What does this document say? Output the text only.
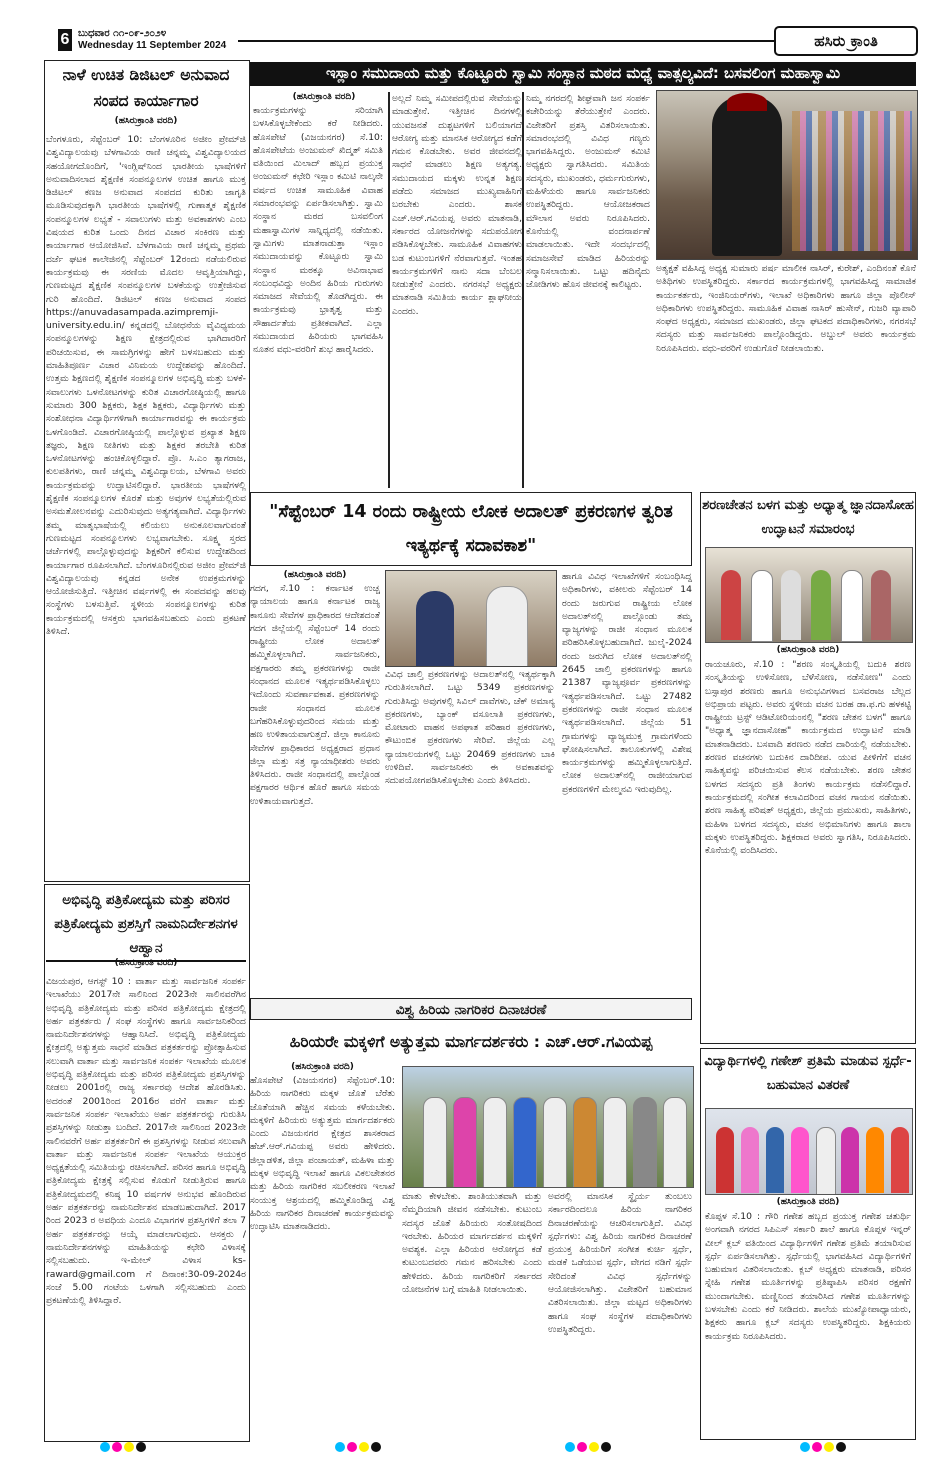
6 ಬುಧವಾರ ೧೧-೦೯-೨೦೨೪
Wednesday 11 September 2024	ಹಸಿರು ಕ್ರಾಂತಿ
ನಾಳೆ ಉಚಿತ ಡಿಜಿಟಲ್ ಅನುವಾದ ಸಂಪದ ಕಾರ್ಯಾಗಾರ
(ಹಸಿರುಕ್ರಾಂತಿ ವರದಿ)
ಬೆಂಗಳೂರು, ಸೆಪ್ಟೆಂಬರ್ 10: ಬೆಂಗಳೂರಿನ ಅಜೀಂ ಪ್ರೇಮ್‌ಜಿ ವಿಶ್ವವಿದ್ಯಾಲಯವು ಬೆಳಗಾವಿಯ ರಾಣಿ ಚನ್ನಮ್ಮ ವಿಶ್ವವಿದ್ಯಾಲಯದ ಸಹಯೋಗದೊಂದಿಗೆ, 'ಇಂಗ್ಲಿಷ್‌ನಿಂದ ಭಾರತೀಯ ಭಾಷೆಗಳಿಗೆ ಅನುವಾದಿಸಲಾದ ಶೈಕ್ಷಣಿಕ ಸಂಪನ್ಮೂಲಗಳ ಉಚಿತ ಹಾಗೂ ಮುಕ್ತ ಡಿಜಿಟಲ್ ಕಣಜ ಅನುವಾದ ಸಂಪದದ ಕುರಿತು ಜಾಗೃತಿ ಮೂಡಿಸುವುದಕ್ಕಾಗಿ ಭಾರತೀಯ ಭಾಷೆಗಳಲ್ಲಿ ಗುಣಾತ್ಮಕ ಶೈಕ್ಷಣಿಕ ಸಂಪನ್ಮೂಲಗಳ ಲಭ್ಯತೆ - ಸವಾಲುಗಳು ಮತ್ತು ಅವಕಾಶಗಳು ಎಂಬ ವಿಷಯದ ಕುರಿತ ಒಂದು ದಿನದ ವಿಚಾರ ಸಂಕಿರಣ ಮತ್ತು ಕಾರ್ಯಾಗಾರ ಆಯೋಜಿಸಿವೆ. ಬೆಳಗಾವಿಯ ರಾಣಿ ಚನ್ನಮ್ಮ ಪ್ರಥಮ ದರ್ಜೆ ಘಟಕ ಕಾಲೇಜಿನಲ್ಲಿ ಸೆಪ್ಟೆಂಬರ್ 12ರಂದು ನಡೆಯಲಿರುವ ಕಾರ್ಯಕ್ರಮವು ಈ ಸರಣಿಯ ಮೊದಲ ಆವೃತ್ತಿಯಾಗಿದ್ದು, ಗುಣಮಟ್ಟದ ಶೈಕ್ಷಣಿಕ ಸಂಪನ್ಮೂಲಗಳ ಬಳಕೆಯನ್ನು ಉತ್ತೇಜಿಸುವ ಗುರಿ ಹೊಂದಿದೆ. ಡಿಜಿಟಲ್ ಕಣಜ ಅನುವಾದ ಸಂಪದ https://anuvadasampada.azimpremji-university.edu.in/ ಕನ್ನಡದಲ್ಲಿ ಬೋಧನೆಯ ವೈವಿಧ್ಯಮಯ ಸಂಪನ್ಮೂಲಗಳನ್ನು ಶಿಕ್ಷಣ ಕ್ಷೇತ್ರದಲ್ಲಿರುವ ಭಾಗಿದಾರರಿಗೆ ಪರಿಚಯಿಸುವ, ಈ ಸಾಮಗ್ರಿಗಳನ್ನು ಹೇಗೆ ಬಳಸಬಹುದು ಮತ್ತು ಮಾಹಿತಿಪೂರ್ಣ ವಿಚಾರ ವಿನಿಮಯ ಉದ್ದೇಶವನ್ನು ಹೊಂದಿದೆ. ಉತ್ತಮ ಶಿಕ್ಷಣದಲ್ಲಿ ಶೈಕ್ಷಣಿಕ ಸಂಪನ್ಮೂಲಗಳ ಅಭಿವೃದ್ಧಿ ಮತ್ತು ಬಳಕೆ-ಸವಾಲುಗಳು ಒಳನೋಟಗಳನ್ನು ಕುರಿತ ವಿಚಾರಗೋಷ್ಠಿಯಲ್ಲಿ ಹಾಗೂ ಸುಮಾರು 300 ಶಿಕ್ಷಕರು, ಶಿಕ್ಷಕ ಶಿಕ್ಷಕರು, ವಿದ್ಯಾರ್ಥಿಗಳು ಮತ್ತು ಸಂಶೋಧನಾ ವಿದ್ಯಾರ್ಥಿಗಳಿಗಾಗಿ ಕಾರ್ಯಾಗಾರವನ್ನು ಈ ಕಾರ್ಯಕ್ರಮ ಒಳಗೊಂಡಿದೆ. ವಿಚಾರಗೋಷ್ಠಿಯಲ್ಲಿ ಪಾಲ್ಗೊಳ್ಳುವ ಪ್ರಖ್ಯಾತ ಶಿಕ್ಷಣ ತಜ್ಞರು, ಶಿಕ್ಷಣ ನೀತಿಗಳು ಮತ್ತು ಶಿಕ್ಷಕರ ತರಬೇತಿ ಕುರಿತ ಒಳನೋಟಗಳನ್ನು ಹಂಚಿಕೊಳ್ಳಲಿದ್ದಾರೆ. ಪ್ರೊ. ಸಿ.ಎಂ ತ್ಯಾಗರಾಜ, ಕುಲಪತಿಗಳು, ರಾಣಿ ಚನ್ನಮ್ಮ ವಿಶ್ವವಿದ್ಯಾಲಯ, ಬೆಳಗಾವಿ ಅವರು ಕಾರ್ಯಕ್ರಮವನ್ನು ಉದ್ಘಾಟಿಸಲಿದ್ದಾರೆ. ಭಾರತೀಯ ಭಾಷೆಗಳಲ್ಲಿ ಶೈಕ್ಷಣಿಕ ಸಂಪನ್ಮೂಲಗಳ ಕೊರತೆ ಮತ್ತು ಅವುಗಳ ಲಭ್ಯತೆಯಲ್ಲಿರುವ ಅಸಮತೋಲನವನ್ನು ಎದುರಿಸುವುದು ಅತ್ಯಗತ್ಯವಾಗಿದೆ. ವಿದ್ಯಾರ್ಥಿಗಳು ತಮ್ಮ ಮಾತೃಭಾಷೆಯಲ್ಲಿ ಕಲಿಯಲು ಅನುಕೂಲವಾಗುವಂತೆ ಗುಣಮಟ್ಟದ ಸಂಪನ್ಮೂಲಗಳು ಲಭ್ಯವಾಗಬೇಕು. ಸೂಕ್ಷ್ಮ ಸ್ತರದ ಚರ್ಚೆಗಳಲ್ಲಿ ಪಾಲ್ಗೊಳ್ಳುವುದನ್ನು ಶಿಕ್ಷಕರಿಗೆ ಕಲಿಸುವ ಉದ್ದೇಶದಿಂದ ಕಾರ್ಯಾಗಾರ ರೂಪಿಸಲಾಗಿದೆ. ಬೆಂಗಳೂರಿನಲ್ಲಿರುವ ಅಜೀಂ ಪ್ರೇಮ್‌ಜಿ ವಿಶ್ವವಿದ್ಯಾಲಯವು ಕನ್ನಡದ ಅನೇಕ ಉಪಕ್ರಮಗಳನ್ನು ಆಯೋಜಿಸುತ್ತಿದೆ. ಇತ್ತೀಚಿನ ವರ್ಷಗಳಲ್ಲಿ ಈ ಸಂಪದವನ್ನು ಹಲವು ಸಂಸ್ಥೆಗಳು ಬಳಸುತ್ತಿವೆ. ಸ್ಥಳೀಯ ಸಂಪನ್ಮೂಲಗಳನ್ನು ಕುರಿತ ಕಾರ್ಯಕ್ರಮದಲ್ಲಿ ಆಸಕ್ತರು ಭಾಗವಹಿಸಬಹುದು ಎಂದು ಪ್ರಕಟಣೆ ತಿಳಿಸಿದೆ.
ಅಭಿವೃದ್ಧಿ ಪತ್ರಿಕೋದ್ಯಮ ಮತ್ತು ಪರಿಸರ ಪತ್ರಿಕೋದ್ಯಮ ಪ್ರಶಸ್ತಿಗೆ ನಾಮನಿರ್ದೇಶನಗಳ ಆಹ್ವಾನ
(ಹಸಿರುಕ್ರಾಂತಿ ವರದಿ)
ವಿಜಯಪುರ, ಆಗಸ್ಟ್ 10 : ವಾರ್ತಾ ಮತ್ತು ಸಾರ್ವಜನಿಕ ಸಂಪರ್ಕ ಇಲಾಖೆಯು 2017ನೇ ಸಾಲಿನಿಂದ 2023ನೇ ಸಾಲಿನವರೆಗಿನ ಅಭಿವೃದ್ಧಿ ಪತ್ರಿಕೋದ್ಯಮ ಮತ್ತು ಪರಿಸರ ಪತ್ರಿಕೋದ್ಯಮ ಕ್ಷೇತ್ರದಲ್ಲಿ ಅರ್ಹ ಪತ್ರಕರ್ತರು / ಸಂಘ ಸಂಸ್ಥೆಗಳು ಹಾಗೂ ಸಾರ್ವಜನಿಕರಿಂದ ನಾಮನಿರ್ದೇಶನಗಳನ್ನು ಆಹ್ವಾನಿಸಿದೆ. ಅಭಿವೃದ್ಧಿ ಪತ್ರಿಕೋದ್ಯಮ ಕ್ಷೇತ್ರದಲ್ಲಿ ಅತ್ಯುತ್ತಮ ಸಾಧನೆ ಮಾಡಿದ ಪತ್ರಕರ್ತರನ್ನು ಪ್ರೋತ್ಸಾಹಿಸುವ ಸಲುವಾಗಿ ವಾರ್ತಾ ಮತ್ತು ಸಾರ್ವಜನಿಕ ಸಂಪರ್ಕ ಇಲಾಖೆಯ ಮೂಲಕ ಅಭಿವೃದ್ಧಿ ಪತ್ರಿಕೋದ್ಯಮ ಮತ್ತು ಪರಿಸರ ಪತ್ರಿಕೋದ್ಯಮ ಪ್ರಶಸ್ತಿಗಳನ್ನು ನೀಡಲು 2001ರಲ್ಲಿ ರಾಜ್ಯ ಸರ್ಕಾರವು ಆದೇಶ ಹೊರಡಿಸಿತು. ಅದರಂತೆ 2001ರಿಂದ 2016ರ ವರೆಗೆ ವಾರ್ತಾ ಮತ್ತು ಸಾರ್ವಜನಿಕ ಸಂಪರ್ಕ ಇಲಾಖೆಯು ಅರ್ಹ ಪತ್ರಕರ್ತರನ್ನು ಗುರುತಿಸಿ ಪ್ರಶಸ್ತಿಗಳನ್ನು ನೀಡುತ್ತಾ ಬಂದಿದೆ. 2017ನೇ ಸಾಲಿನಿಂದ 2023ನೇ ಸಾಲಿನವರೆಗೆ ಅರ್ಹ ಪತ್ರಕರ್ತರಿಗೆ ಈ ಪ್ರಶಸ್ತಿಗಳನ್ನು ನೀಡುವ ಸಲುವಾಗಿ ವಾರ್ತಾ ಮತ್ತು ಸಾರ್ವಜನಿಕ ಸಂಪರ್ಕ ಇಲಾಖೆಯ ಆಯುಕ್ತರ ಅಧ್ಯಕ್ಷತೆಯಲ್ಲಿ ಸಮಿತಿಯನ್ನು ರಚಿಸಲಾಗಿದೆ. ಪರಿಸರ ಹಾಗೂ ಅಭಿವೃದ್ಧಿ ಪತ್ರಿಕೋದ್ಯಮ ಕ್ಷೇತ್ರಕ್ಕೆ ಸಲ್ಲಿಸುವ ಕೊಡುಗೆ ನೀಡುತ್ತಿರುವ ಹಾಗೂ ಪತ್ರಿಕೋದ್ಯಮದಲ್ಲಿ ಕನಿಷ್ಠ 10 ವರ್ಷಗಳ ಅನುಭವ ಹೊಂದಿರುವ ಅರ್ಹ ಪತ್ರಕರ್ತರನ್ನು ನಾಮನಿರ್ದೇಶನ ಮಾಡಬಹುದಾಗಿದೆ. 2017 ರಿಂದ 2023 ರ ಅವಧಿಯ ಎಂದೂ ವಿಭಾಗಗಳ ಪ್ರಶಸ್ತಿಗಳಿಗೆ ತಲಾ 7 ಅರ್ಹ ಪತ್ರಕರ್ತರನ್ನು ಆಯ್ಕೆ ಮಾಡಲಾಗುವುದು. ಆಸಕ್ತರು / ನಾಮನಿರ್ದೇಶನಗಳನ್ನು ಮಾಹಿತಿಯನ್ನು ಕಛೇರಿ ವಿಳಾಸಕ್ಕೆ ಸಲ್ಲಿಸಬಹುದು. ಇ-ಮೇಲ್ ವಿಳಾಸ ks-raward@gmail.com ಗೆ ದಿನಾಂಕ:30-09-2024ರ ಸಂಜೆ 5.00 ಗಂಟೆಯ ಒಳಗಾಗಿ ಸಲ್ಲಿಸಬಹುದು ಎಂದು ಪ್ರಕಟಣೆಯಲ್ಲಿ ತಿಳಿಸಿದ್ದಾರೆ.
ಇಸ್ಲಾಂ ಸಮುದಾಯ ಮತ್ತು ಕೊಟ್ಟೂರು ಸ್ವಾಮಿ ಸಂಸ್ಥಾನ ಮಠದ ಮಧ್ಯೆ ವಾತ್ಸಲ್ಯವಿದೆ: ಬಸವಲಿಂಗ ಮಹಾಸ್ವಾಮಿ
(ಹಸಿರುಕ್ರಾಂತಿ ವರದಿ)
ಕಾರ್ಯಕ್ರಮಗಳನ್ನು ಸರಿಯಾಗಿ ಬಳಸಿಕೊಳ್ಳಬೇಕೆಂದು ಕರೆ ನೀಡಿದರು. ಹೊಸಪೇಟೆ (ವಿಜಯನಗರ) ಸೆ.10: ಹೊಸಪೇಟೆಯ ಅಂಜುಮನ್ ಖಿದ್ಮತ್ ಸಮಿತಿ ವತಿಯಿಂದ ಮಿಲಾದ್ ಹಬ್ಬದ ಪ್ರಯುಕ್ತ ಅಂಜುಮನ್ ಕಛೇರಿ ಇಸ್ಲಾಂ ಕಮಿಟಿ ನಾಲ್ಕನೇ ವರ್ಷದ ಉಚಿತ ಸಾಮೂಹಿಕ ವಿವಾಹ ಸಮಾರಂಭವನ್ನು ಏರ್ಪಡಿಸಲಾಗಿತ್ತು. ಸ್ವಾಮಿ ಸಂಸ್ಥಾನ ಮಠದ ಬಸವಲಿಂಗ ಮಹಾಸ್ವಾಮಿಗಳ ಸಾನ್ನಿಧ್ಯದಲ್ಲಿ ನಡೆಯಿತು. ಸ್ವಾಮಿಗಳು ಮಾತನಾಡುತ್ತಾ ಇಸ್ಲಾಂ ಸಮುದಾಯವನ್ನು ಕೊಟ್ಟೂರು ಸ್ವಾಮಿ ಸಂಸ್ಥಾನ ಮಠಕ್ಕೂ ಅವಿನಾಭಾವ ಸಂಬಂಧವಿದ್ದು ಅಂದಿನ ಹಿರಿಯ ಗುರುಗಳು ಸಮಾಜದ ಸೇವೆಯಲ್ಲಿ ತೊಡಗಿದ್ದರು. ಈ ಕಾರ್ಯಕ್ರಮವು ಭ್ರಾತೃತ್ವ ಮತ್ತು ಸೌಹಾರ್ದತೆಯ ಪ್ರತೀಕವಾಗಿದೆ. ಎಲ್ಲಾ ಸಮುದಾಯದ ಹಿರಿಯರು ಭಾಗವಹಿಸಿ ನೂತನ ವಧು-ವರರಿಗೆ ಶುಭ ಹಾರೈಸಿದರು.
ಅಲ್ಲದೆ ನಿಮ್ಮ ಸಮೀಪದಲ್ಲಿರುವ ಸೇವೆಯನ್ನು ಮಾಡುತ್ತೇನೆ. ಇತ್ತೀಚಿನ ದಿನಗಳಲ್ಲಿ ಯುವಜನತೆ ದುಶ್ಚಟಗಳಿಗೆ ಬಲಿಯಾಗದೆ ಆರೋಗ್ಯ ಮತ್ತು ಮಾನಸಿಕ ಆರೋಗ್ಯದ ಕಡೆಗೆ ಗಮನ ಕೊಡಬೇಕು. ಅವರ ಜೀವನದಲ್ಲಿ ಸಾಧನೆ ಮಾಡಲು ಶಿಕ್ಷಣ ಅತ್ಯಗತ್ಯ. ಸಮುದಾಯದ ಮಕ್ಕಳು ಉನ್ನತ ಶಿಕ್ಷಣ ಪಡೆದು ಸಮಾಜದ ಮುಖ್ಯವಾಹಿನಿಗೆ ಬರಬೇಕು ಎಂದರು. ಶಾಸಕ ಎಚ್.ಆರ್.ಗವಿಯಪ್ಪ ಅವರು ಮಾತನಾಡಿ, ಸರ್ಕಾರದ ಯೋಜನೆಗಳನ್ನು ಸದುಪಯೋಗ ಪಡಿಸಿಕೊಳ್ಳಬೇಕು. ಸಾಮೂಹಿಕ ವಿವಾಹಗಳು ಬಡ ಕುಟುಂಬಗಳಿಗೆ ನೆರವಾಗುತ್ತವೆ. ಇಂತಹ ಕಾರ್ಯಕ್ರಮಗಳಿಗೆ ನಾನು ಸದಾ ಬೆಂಬಲ ನೀಡುತ್ತೇನೆ ಎಂದರು. ನಗರಸಭೆ ಅಧ್ಯಕ್ಷರು ಮಾತನಾಡಿ ಸಮಿತಿಯ ಕಾರ್ಯ ಶ್ಲಾಘನೀಯ ಎಂದರು.
ನಿಮ್ಮ ನಗರದಲ್ಲಿ ಶೀಘ್ರವಾಗಿ ಜನ ಸಂಪರ್ಕ ಕಚೇರಿಯನ್ನು ತೆರೆಯುತ್ತೇನೆ ಎಂದರು. ವಿಜೇತರಿಗೆ ಪ್ರಶಸ್ತಿ ವಿತರಿಸಲಾಯಿತು. ಸಮಾರಂಭದಲ್ಲಿ ವಿವಿಧ ಗಣ್ಯರು ಭಾಗವಹಿಸಿದ್ದರು. ಅಂಜುಮನ್ ಕಮಿಟಿ ಅಧ್ಯಕ್ಷರು ಸ್ವಾಗತಿಸಿದರು. ಸಮಿತಿಯ ಸದಸ್ಯರು, ಮುಖಂಡರು, ಧರ್ಮಗುರುಗಳು, ಮಹಿಳೆಯರು ಹಾಗೂ ಸಾರ್ವಜನಿಕರು ಉಪಸ್ಥಿತರಿದ್ದರು. ಆಯೋಜಕರಾದ ಮೌಲಾನ ಅವರು ನಿರೂಪಿಸಿದರು. ಕೊನೆಯಲ್ಲಿ ವಂದನಾರ್ಪಣೆ ಮಾಡಲಾಯಿತು. ಇದೇ ಸಂದರ್ಭದಲ್ಲಿ ಸಮಾಜಸೇವೆ ಮಾಡಿದ ಹಿರಿಯರನ್ನು ಸನ್ಮಾನಿಸಲಾಯಿತು. ಒಟ್ಟು ಹದಿನೈದು ಜೋಡಿಗಳು ಹೊಸ ಜೀವನಕ್ಕೆ ಕಾಲಿಟ್ಟರು.
ಅತ್ಯಕ್ಷತೆ ವಹಿಸಿದ್ದ ಅಧ್ಯಕ್ಷ ಸುಮಾರು ಪರ್ಷ ಮಾಲೀಕ ನಾಸಿರ್, ಕುರೇಶ್, ಎಂದಿನಂತೆ ಕೊನೆ ಅತಿಥಿಗಳು ಉಪಸ್ಥಿತರಿದ್ದರು. ಸರ್ಕಾರದ ಕಾರ್ಯಕ್ರಮಗಳಲ್ಲಿ ಭಾಗವಹಿಸಿದ್ದ ಸಾಮಾಜಿಕ ಕಾರ್ಯಕರ್ತರು, ಇಂಜಿನಿಯರ್‌ಗಳು, ಇಲಾಖೆ ಅಧಿಕಾರಿಗಳು ಹಾಗೂ ಜಿಲ್ಲಾ ಪೊಲೀಸ್ ಅಧಿಕಾರಿಗಳು ಉಪಸ್ಥಿತರಿದ್ದರು. ಸಾಮೂಹಿಕ ವಿವಾಹ ನಾಸಿರ್ ಹುಸೇನ್, ಗುಜರಿ ವ್ಯಾಪಾರಿ ಸಂಘದ ಅಧ್ಯಕ್ಷರು, ಸಮಾಜದ ಮುಖಂಡರು, ಜಿಲ್ಲಾ ಘಟಕದ ಪದಾಧಿಕಾರಿಗಳು, ನಗರಸಭೆ ಸದಸ್ಯರು ಮತ್ತು ಸಾರ್ವಜನಿಕರು ಪಾಲ್ಗೊಂಡಿದ್ದರು. ಅಬ್ದುಲ್ ಅವರು ಕಾರ್ಯಕ್ರಮ ನಿರೂಪಿಸಿದರು. ವಧು-ವರರಿಗೆ ಉಡುಗೊರೆ ನೀಡಲಾಯಿತು.
"ಸೆಪ್ಟೆಂಬರ್ 14 ರಂದು ರಾಷ್ಟ್ರೀಯ ಲೋಕ ಅದಾಲತ್ ಪ್ರಕರಣಗಳ ತ್ವರಿತ ಇತ್ಯರ್ಥಕ್ಕೆ ಸದಾವಕಾಶ"
(ಹಸಿರುಕ್ರಾಂತಿ ವರದಿ)
ಗದಗ, ಸೆ.10 : ಕರ್ನಾಟಕ ಉಚ್ಚ ನ್ಯಾಯಾಲಯ ಹಾಗೂ ಕರ್ನಾಟಕ ರಾಜ್ಯ ಕಾನೂನು ಸೇವೆಗಳ ಪ್ರಾಧಿಕಾರದ ಆದೇಶದಂತೆ ಗದಗ ಜಿಲ್ಲೆಯಲ್ಲಿ ಸೆಪ್ಟೆಂಬರ್ 14 ರಂದು ರಾಷ್ಟ್ರೀಯ ಲೋಕ ಅದಾಲತ್ ಹಮ್ಮಿಕೊಳ್ಳಲಾಗಿದೆ. ಸಾರ್ವಜನಿಕರು, ಪಕ್ಷಗಾರರು ತಮ್ಮ ಪ್ರಕರಣಗಳನ್ನು ರಾಜೀ ಸಂಧಾನದ ಮೂಲಕ ಇತ್ಯರ್ಥಪಡಿಸಿಕೊಳ್ಳಲು ಇದೊಂದು ಸುವರ್ಣಾವಕಾಶ. ಪ್ರಕರಣಗಳನ್ನು ರಾಜೀ ಸಂಧಾನದ ಮೂಲಕ ಬಗೆಹರಿಸಿಕೊಳ್ಳುವುದರಿಂದ ಸಮಯ ಮತ್ತು ಹಣ ಉಳಿತಾಯವಾಗುತ್ತದೆ. ಜಿಲ್ಲಾ ಕಾನೂನು ಸೇವೆಗಳ ಪ್ರಾಧಿಕಾರದ ಅಧ್ಯಕ್ಷರಾದ ಪ್ರಧಾನ ಜಿಲ್ಲಾ ಮತ್ತು ಸತ್ರ ನ್ಯಾಯಾಧೀಶರು ಅವರು ತಿಳಿಸಿದರು. ರಾಜೀ ಸಂಧಾನದಲ್ಲಿ ಪಾಲ್ಗೊಂಡ ಪಕ್ಷಗಾರರ ಆರ್ಥಿಕ ಹೊರೆ ಹಾಗೂ ಸಮಯ ಉಳಿತಾಯವಾಗುತ್ತದೆ.
ವಿವಿಧ ಚಾಲ್ತಿ ಪ್ರಕರಣಗಳನ್ನು ಅದಾಲತ್‌ನಲ್ಲಿ ಇತ್ಯರ್ಥಕ್ಕಾಗಿ ಗುರುತಿಸಲಾಗಿದೆ. ಒಟ್ಟು 5349 ಪ್ರಕರಣಗಳನ್ನು ಗುರುತಿಸಿದ್ದು ಅವುಗಳಲ್ಲಿ ಸಿವಿಲ್ ದಾವೆಗಳು, ಚೆಕ್ ಅಮಾನ್ಯ ಪ್ರಕರಣಗಳು, ಬ್ಯಾಂಕ್ ವಸೂಲಾತಿ ಪ್ರಕರಣಗಳು, ಮೋಟಾರು ವಾಹನ ಅಪಘಾತ ಪರಿಹಾರ ಪ್ರಕರಣಗಳು, ಕೌಟುಂಬಿಕ ಪ್ರಕರಣಗಳು ಸೇರಿವೆ. ಜಿಲ್ಲೆಯ ಎಲ್ಲ ನ್ಯಾಯಾಲಯಗಳಲ್ಲಿ ಒಟ್ಟು 20469 ಪ್ರಕರಣಗಳು ಬಾಕಿ ಉಳಿದಿವೆ. ಸಾರ್ವಜನಿಕರು ಈ ಅವಕಾಶವನ್ನು ಸದುಪಯೋಗಪಡಿಸಿಕೊಳ್ಳಬೇಕು ಎಂದು ತಿಳಿಸಿದರು.
ಹಾಗೂ ವಿವಿಧ ಇಲಾಖೆಗಳಿಗೆ ಸಂಬಂಧಿಸಿದ್ದ ಅಧಿಕಾರಿಗಳು, ವಕೀಲರು ಸೆಪ್ಟೆಂಬರ್ 14 ರಂದು ಜರುಗುವ ರಾಷ್ಟ್ರೀಯ ಲೋಕ ಅದಾಲತ್‌ನಲ್ಲಿ ಪಾಲ್ಗೊಂಡು ತಮ್ಮ ವ್ಯಾಜ್ಯಗಳನ್ನು ರಾಜೀ ಸಂಧಾನ ಮೂಲಕ ಪರಿಹರಿಸಿಕೊಳ್ಳಬಹುದಾಗಿದೆ. ಜುಲೈ-2024 ರಂದು ಜರುಗಿದ ಲೋಕ ಅದಾಲತ್‌ನಲ್ಲಿ 2645 ಚಾಲ್ತಿ ಪ್ರಕರಣಗಳನ್ನು ಹಾಗೂ 21387 ವ್ಯಾಜ್ಯಪೂರ್ವ ಪ್ರಕರಣಗಳನ್ನು ಇತ್ಯರ್ಥಪಡಿಸಲಾಗಿದೆ. ಒಟ್ಟು 27482 ಪ್ರಕರಣಗಳನ್ನು ರಾಜೀ ಸಂಧಾನ ಮೂಲಕ ಇತ್ಯರ್ಥಪಡಿಸಲಾಗಿದೆ. ಜಿಲ್ಲೆಯ 51 ಗ್ರಾಮಗಳನ್ನು ವ್ಯಾಜ್ಯಮುಕ್ತ ಗ್ರಾಮಗಳೆಂದು ಘೋಷಿಸಲಾಗಿದೆ. ತಾಲೂಕುಗಳಲ್ಲಿ ವಿಶೇಷ ಕಾರ್ಯಕ್ರಮಗಳನ್ನು ಹಮ್ಮಿಕೊಳ್ಳಲಾಗುತ್ತಿದೆ. ಲೋಕ ಅದಾಲತ್‌ನಲ್ಲಿ ರಾಜೀಯಾಗುವ ಪ್ರಕರಣಗಳಿಗೆ ಮೇಲ್ಮನವಿ ಇರುವುದಿಲ್ಲ.
ಶರಣಚೇತನ ಬಳಗ ಮತ್ತು ಅಧ್ಯಾತ್ಮ ಜ್ಞಾನದಾಸೋಹ ಉದ್ಘಾಟನೆ ಸಮಾರಂಭ
(ಹಸಿರುಕ್ರಾಂತಿ ವರದಿ)
ರಾಯಚೂರು, ಸೆ.10 : "ಶರಣ ಸಂಸ್ಕೃತಿಯಲ್ಲಿ ಬದುಕಿ ಶರಣ ಸಂಸ್ಕೃತಿಯನ್ನು ಉಳಿಸೋಣ, ಬೆಳೆಸೋಣ, ನಡೆಸೋಣ" ಎಂದು ಬಸ್ಸಾಪುರ ಶರಣರು ಹಾಗೂ ಅನುಭವಿಗಳಾದ ಬಸವರಾಜ ಬೆಲ್ಲದ ಅಭಿಪ್ರಾಯ ಪಟ್ಟರು. ಅವರು ಸ್ಥಳೀಯ ವಚನ ಬರಹ ಡಾ.ಫ.ಗು ಹಳಕಟ್ಟಿ ರಾಷ್ಟ್ರೀಯ ಟ್ರಸ್ಟ್ ಆಡಿಟೋರಿಯಂನಲ್ಲಿ "ಶರಣ ಚೇತನ ಬಳಗ" ಹಾಗೂ "ಅಧ್ಯಾತ್ಮ ಜ್ಞಾನದಾಸೋಹ" ಕಾರ್ಯಕ್ರಮದ ಉದ್ಘಾಟನೆ ಮಾಡಿ ಮಾತನಾಡಿದರು. ಬಸವಾದಿ ಶರಣರು ನಡೆದ ದಾರಿಯಲ್ಲಿ ನಡೆಯಬೇಕು. ಶರಣರ ವಚನಗಳು ಬದುಕಿನ ದಾರಿದೀಪ. ಯುವ ಪೀಳಿಗೆಗೆ ವಚನ ಸಾಹಿತ್ಯವನ್ನು ಪರಿಚಯಿಸುವ ಕೆಲಸ ನಡೆಯಬೇಕು. ಶರಣ ಚೇತನ ಬಳಗದ ಸದಸ್ಯರು ಪ್ರತಿ ತಿಂಗಳು ಕಾರ್ಯಕ್ರಮ ನಡೆಸಲಿದ್ದಾರೆ. ಕಾರ್ಯಕ್ರಮದಲ್ಲಿ ಸಂಗೀತ ಕಲಾವಿದರಿಂದ ವಚನ ಗಾಯನ ನಡೆಯಿತು. ಶರಣ ಸಾಹಿತ್ಯ ಪರಿಷತ್ ಅಧ್ಯಕ್ಷರು, ಜಿಲ್ಲೆಯ ಪ್ರಮುಖರು, ಸಾಹಿತಿಗಳು, ಮಹಿಳಾ ಬಳಗದ ಸದಸ್ಯರು, ವಚನ ಅಭಿಮಾನಿಗಳು ಹಾಗೂ ಶಾಲಾ ಮಕ್ಕಳು ಉಪಸ್ಥಿತರಿದ್ದರು. ಶಿಕ್ಷಕರಾದ ಅವರು ಸ್ವಾಗತಿಸಿ, ನಿರೂಪಿಸಿದರು. ಕೊನೆಯಲ್ಲಿ ವಂದಿಸಿದರು.
ವಿಶ್ವ ಹಿರಿಯ ನಾಗರಿಕರ ದಿನಾಚರಣೆ
ಹಿರಿಯರೇ ಮಕ್ಕಳಿಗೆ ಅತ್ಯುತ್ತಮ ಮಾರ್ಗದರ್ಶಕರು : ಎಚ್.ಆರ್.ಗವಿಯಪ್ಪ
(ಹಸಿರುಕ್ರಾಂತಿ ವರದಿ)
ಹೊಸಪೇಟೆ (ವಿಜಯನಗರ) ಸೆಪ್ಟೆಂಬರ್.10: ಹಿರಿಯ ನಾಗರಿಕರು ಮಕ್ಕಳ ಜೊತೆ ಬೆರೆತು ಜೊತೆಯಾಗಿ ಹೆಚ್ಚಿನ ಸಮಯ ಕಳೆಯಬೇಕು. ಮಕ್ಕಳಿಗೆ ಹಿರಿಯರು ಅತ್ಯುತ್ತಮ ಮಾರ್ಗದರ್ಶಕರು ಎಂದು ವಿಜಯನಗರ ಕ್ಷೇತ್ರದ ಶಾಸಕರಾದ ಹೆಚ್.ಆರ್.ಗವಿಯಪ್ಪ ಅವರು ಹೇಳಿದರು. ಜಿಲ್ಲಾಡಳಿತ, ಜಿಲ್ಲಾ ಪಂಚಾಯತ್, ಮಹಿಳಾ ಮತ್ತು ಮಕ್ಕಳ ಅಭಿವೃದ್ಧಿ ಇಲಾಖೆ ಹಾಗೂ ವಿಕಲಚೇತನರ ಮತ್ತು ಹಿರಿಯ ನಾಗರಿಕರ ಸಬಲೀಕರಣ ಇಲಾಖೆ ಸಂಯುಕ್ತ ಆಶ್ರಯದಲ್ಲಿ ಹಮ್ಮಿಕೊಂಡಿದ್ದ ವಿಶ್ವ ಹಿರಿಯ ನಾಗರಿಕರ ದಿನಾಚರಣೆ ಕಾರ್ಯಕ್ರಮವನ್ನು ಉದ್ಘಾಟಿಸಿ ಮಾತನಾಡಿದರು.
ಮಾತು ಕೇಳಬೇಕು. ಶಾಂತಿಯುತವಾಗಿ ಮತ್ತು ನೆಮ್ಮದಿಯಾಗಿ ಜೀವನ ನಡೆಸಬೇಕು. ಕುಟುಂಬ ಸದಸ್ಯರ ಜೊತೆ ಹಿರಿಯರು ಸಂತೋಷದಿಂದ ಇರಬೇಕು. ಹಿರಿಯರ ಮಾರ್ಗದರ್ಶನ ಮಕ್ಕಳಿಗೆ ಅವಶ್ಯಕ. ಎಲ್ಲಾ ಹಿರಿಯರ ಆರೋಗ್ಯದ ಕಡೆ ಕುಟುಂಬದವರು ಗಮನ ಹರಿಸಬೇಕು ಎಂದು ಹೇಳಿದರು. ಹಿರಿಯ ನಾಗರಿಕರಿಗೆ ಸರ್ಕಾರದ ಯೋಜನೆಗಳ ಬಗ್ಗೆ ಮಾಹಿತಿ ನೀಡಲಾಯಿತು.
ಅವರಲ್ಲಿ ಮಾನಸಿಕ ಸ್ಥೈರ್ಯ ತುಂಬಲು ಸರ್ಕಾರದಿಂದಲೂ ಹಿರಿಯ ನಾಗರಿಕರ ದಿನಾಚರಣೆಯನ್ನು ಆಚರಿಸಲಾಗುತ್ತಿದೆ. ವಿವಿಧ ಸ್ಪರ್ಧೆಗಳು: ವಿಶ್ವ ಹಿರಿಯ ನಾಗರಿಕರ ದಿನಾಚರಣೆ ಪ್ರಯುಕ್ತ ಹಿರಿಯರಿಗೆ ಸಂಗೀತ ಕುರ್ಚಿ ಸ್ಪರ್ಧೆ, ಮಡಕೆ ಒಡೆಯುವ ಸ್ಪರ್ಧೆ, ವೇಗದ ನಡಿಗೆ ಸ್ಪರ್ಧೆ ಸೇರಿದಂತೆ ವಿವಿಧ ಸ್ಪರ್ಧೆಗಳನ್ನು ಆಯೋಜಿಸಲಾಗಿತ್ತು. ವಿಜೇತರಿಗೆ ಬಹುಮಾನ ವಿತರಿಸಲಾಯಿತು. ಜಿಲ್ಲಾ ಮಟ್ಟದ ಅಧಿಕಾರಿಗಳು ಹಾಗೂ ಸಂಘ ಸಂಸ್ಥೆಗಳ ಪದಾಧಿಕಾರಿಗಳು ಉಪಸ್ಥಿತರಿದ್ದರು.
ವಿದ್ಯಾರ್ಥಿಗಳಲ್ಲಿ ಗಣೇಶ್ ಪ್ರತಿಮೆ ಮಾಡುವ ಸ್ಪರ್ಧೆ-ಬಹುಮಾನ ವಿತರಣೆ
(ಹಸಿರುಕ್ರಾಂತಿ ವರದಿ)
ಕೊಪ್ಪಳ ಸೆ.10 : ಗೌರಿ ಗಣೇಶ ಹಬ್ಬದ ಪ್ರಯುಕ್ತ ಗಣೇಶ ಚತುರ್ಥಿ ಅಂಗವಾಗಿ ನಗರದ ಸಿಪಿಎಸ್ ಸರ್ಕಾರಿ ಶಾಲೆ ಹಾಗೂ ಕೊಪ್ಪಳ ಇನ್ನರ್ ವೀಲ್ ಕ್ಲಬ್ ವತಿಯಿಂದ ವಿದ್ಯಾರ್ಥಿಗಳಿಗೆ ಗಣೇಶ ಪ್ರತಿಮೆ ತಯಾರಿಸುವ ಸ್ಪರ್ಧೆ ಏರ್ಪಡಿಸಲಾಗಿತ್ತು. ಸ್ಪರ್ಧೆಯಲ್ಲಿ ಭಾಗವಹಿಸಿದ ವಿದ್ಯಾರ್ಥಿಗಳಿಗೆ ಬಹುಮಾನ ವಿತರಿಸಲಾಯಿತು. ಕ್ಲಬ್ ಅಧ್ಯಕ್ಷರು ಮಾತನಾಡಿ, ಪರಿಸರ ಸ್ನೇಹಿ ಗಣೇಶ ಮೂರ್ತಿಗಳನ್ನು ಪ್ರತಿಷ್ಠಾಪಿಸಿ ಪರಿಸರ ರಕ್ಷಣೆಗೆ ಮುಂದಾಗಬೇಕು. ಮಣ್ಣಿನಿಂದ ತಯಾರಿಸಿದ ಗಣೇಶ ಮೂರ್ತಿಗಳನ್ನು ಬಳಸಬೇಕು ಎಂದು ಕರೆ ನೀಡಿದರು. ಶಾಲೆಯ ಮುಖ್ಯೋಪಾಧ್ಯಾಯರು, ಶಿಕ್ಷಕರು ಹಾಗೂ ಕ್ಲಬ್ ಸದಸ್ಯರು ಉಪಸ್ಥಿತರಿದ್ದರು. ಶಿಕ್ಷಕಿಯರು ಕಾರ್ಯಕ್ರಮ ನಿರೂಪಿಸಿದರು.
